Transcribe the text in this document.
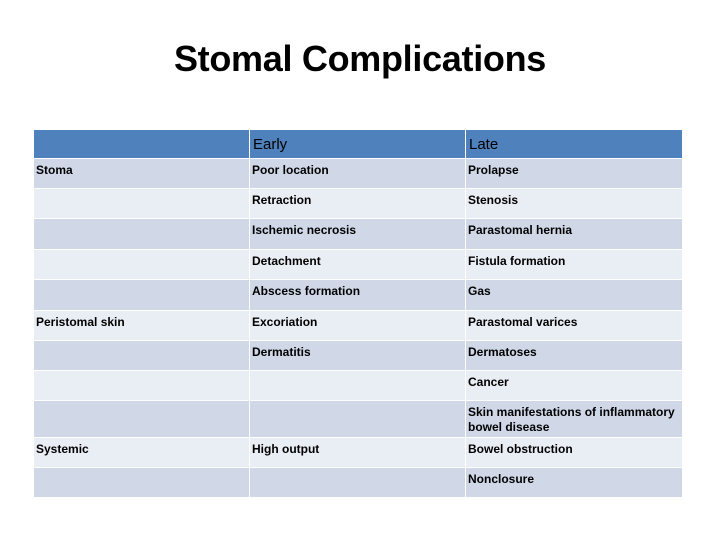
Stomal Complications
	Early	Late
Stoma	Poor location	Prolapse
	Retraction	Stenosis
	Ischemic necrosis	Parastomal hernia
	Detachment	Fistula formation
	Abscess formation	Gas
Peristomal skin	Excoriation	Parastomal varices
	Dermatitis	Dermatoses
		Cancer
		Skin manifestations of inflammatory bowel disease
Systemic	High output	Bowel obstruction
		Nonclosure
